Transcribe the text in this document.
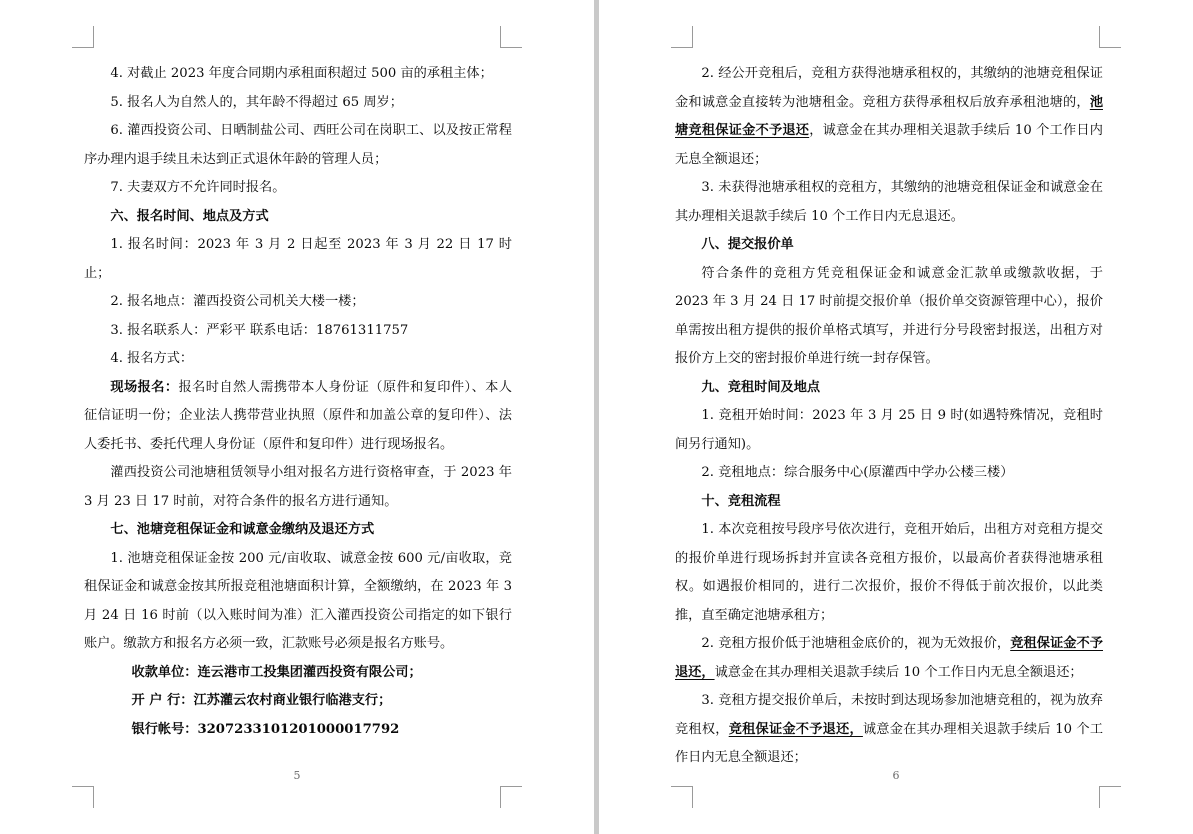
4. 对截止 2023 年度合同期内承租面积超过 500 亩的承租主体；

5. 报名人为自然人的，其年龄不得超过 65 周岁；

6. 灌西投资公司、日晒制盐公司、西旺公司在岗职工、以及按正常程序办理内退手续且未达到正式退休年龄的管理人员；

7. 夫妻双方不允许同时报名。

六、报名时间、地点及方式

1. 报名时间：2023 年 3 月 2 日起至 2023 年 3 月 22 日 17 时止；

2. 报名地点：灌西投资公司机关大楼一楼；

3. 报名联系人：严彩平 联系电话：18761311757

4. 报名方式：

现场报名：报名时自然人需携带本人身份证（原件和复印件）、本人征信证明一份；企业法人携带营业执照（原件和加盖公章的复印件）、法人委托书、委托代理人身份证（原件和复印件）进行现场报名。

灌西投资公司池塘租赁领导小组对报名方进行资格审查，于 2023 年 3 月 23 日 17 时前，对符合条件的报名方进行通知。

七、池塘竞租保证金和诚意金缴纳及退还方式

1. 池塘竞租保证金按 200 元/亩收取、诚意金按 600 元/亩收取，竞租保证金和诚意金按其所报竞租池塘面积计算，全额缴纳，在 2023 年 3 月 24 日 16 时前（以入账时间为准）汇入灌西投资公司指定的如下银行账户。缴款方和报名方必须一致，汇款账号必须是报名方账号。

收款单位：连云港市工投集团灌西投资有限公司；

开 户 行：江苏灌云农村商业银行临港支行；

银行帐号：3207233101201000017792

5

2. 经公开竞租后，竞租方获得池塘承租权的，其缴纳的池塘竞租保证金和诚意金直接转为池塘租金。竞租方获得承租权后放弃承租池塘的，池塘竞租保证金不予退还，诚意金在其办理相关退款手续后 10 个工作日内无息全额退还；

3. 未获得池塘承租权的竞租方，其缴纳的池塘竞租保证金和诚意金在其办理相关退款手续后 10 个工作日内无息退还。

八、提交报价单

符合条件的竞租方凭竞租保证金和诚意金汇款单或缴款收据，于 2023 年 3 月 24 日 17 时前提交报价单（报价单交资源管理中心），报价单需按出租方提供的报价单格式填写，并进行分号段密封报送，出租方对报价方上交的密封报价单进行统一封存保管。

九、竞租时间及地点

1. 竞租开始时间：2023 年 3 月 25 日 9 时(如遇特殊情况，竞租时间另行通知)。

2. 竞租地点：综合服务中心(原灌西中学办公楼三楼）

十、竞租流程

1. 本次竞租按号段序号依次进行，竞租开始后，出租方对竞租方提交的报价单进行现场拆封并宣读各竞租方报价，以最高价者获得池塘承租权。如遇报价相同的，进行二次报价，报价不得低于前次报价，以此类推，直至确定池塘承租方；

2. 竞租方报价低于池塘租金底价的，视为无效报价，竞租保证金不予退还，诚意金在其办理相关退款手续后 10 个工作日内无息全额退还；

3. 竞租方提交报价单后，未按时到达现场参加池塘竞租的，视为放弃竞租权，竞租保证金不予退还，诚意金在其办理相关退款手续后 10 个工作日内无息全额退还；

6
